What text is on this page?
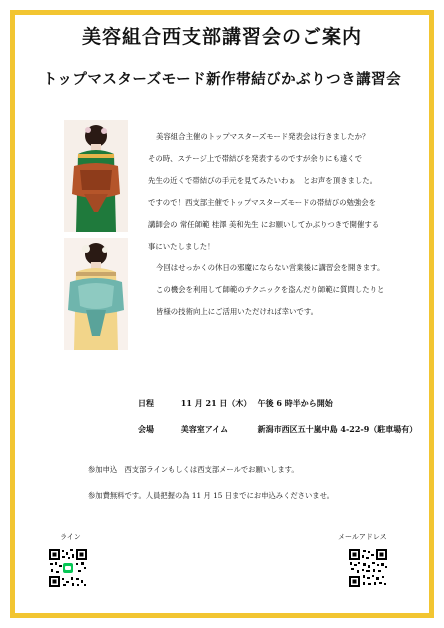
美容組合西支部講習会のご案内
トップマスターズモード新作帯結びかぶりつき講習会
美容組合主催のトップマスターズモード発表会は行きましたか？
その時、ステージ上で帯結びを発表するのですが余りにも遠くで
先生の近くで帯結びの手元を見てみたいわぁ　とお声を頂きました。
ですので！西支部主催でトップマスターズモードの帯結びの勉強会を
講師会の 常任師範 桂澤 美和先生 にお願いしてかぶりつきで開催する
事にいたしました！
今回はせっかくの休日の邪魔にならない営業後に講習会を開きます。
この機会を利用して師範のテクニックを盗んだり師範に質問したりと
皆様の技術向上にご活用いただければ幸いです。
日程	11 月 21 日（木） 午後 6 時半から開始
会場	美容室アイム	新潟市西区五十嵐中島 4-22-9（駐車場有）
参加申込　西支部ラインもしくは西支部メールでお願いします。
参加費無料です。人員把握の為 11 月 15 日までにお申込みくださいませ。
ライン	メールアドレス
